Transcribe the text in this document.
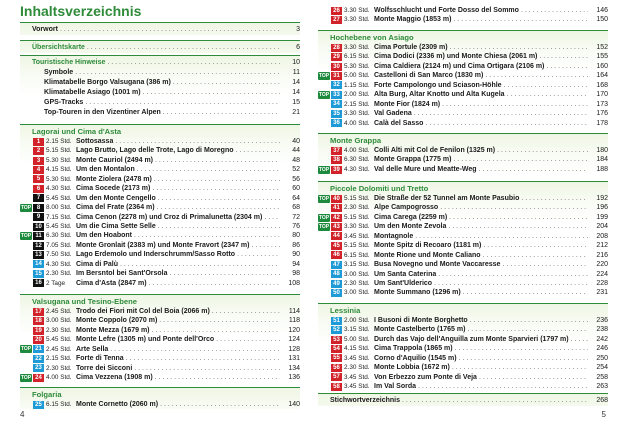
Inhaltsverzeichnis
Vorwort . . .	3
Übersichtskarte . . .	6
Touristische Hinweise . . .	10
Symbole . . .	11
Klimatabelle Borgo Valsugana (386 m) . . .	14
Klimatabelle Asiago (1001 m) . . .	14
GPS-Tracks . . .	15
Top-Touren in den Vizentiner Alpen . . .	21
Lagorai und Cima d'Asta
1 2.15 Std. Sottosassa . . .	40
2 5.15 Std. Lago Brutto, Lago delle Trote, Lago di Moregno . . .	44
3 5.30 Std. Monte Cauriol (2494 m) . . .	48
4 4.15 Std. Um den Montalon . . .	52
5 5.30 Std. Monte Ziolera (2478 m) . . .	56
6 4.30 Std. Cima Socede (2173 m) . . .	60
7 5.45 Std. Um den Monte Cengello . . .	64
TOP 8 8.00 Std. Cima del Frate (2364 m) . . .	68
9 7.15 Std. Cima Cenon (2278 m) und Croz di Primalunetta (2304 m) . . .	72
10 5.45 Std. Um die Cima Sette Selle . . .	76
TOP 11 6.30 Std. Um den Hoabont . . .	80
12 7.05 Std. Monte Gronlait (2383 m) und Monte Fravort (2347 m) . . .	86
13 7.50 Std. Lago Erdemolo und Inderschrumm/Sasso Rotto . . .	90
14 4.30 Std. Cima di Palù . . .	94
15 2.30 Std. Im Bersntol bei Sant'Orsola . . .	98
16 2 Tage	Cima d'Asta (2847 m) . . .	108
Valsugana und Tesino-Ebene
17 2.45 Std. Trodo dei Fiori mit Col del Boia (2066 m) . . .	114
18 3.00 Std. Monte Coppolo (2070 m) . . .	118
19 2.30 Std. Monte Mezza (1679 m) . . .	120
20 5.45 Std. Monte Lefre (1305 m) und Ponte dell'Orco . . .	124
TOP 21 2.45 Std. Arte Sella . . .	128
22 2.15 Std. Forte di Tenna . . .	131
23 2.30 Std. Torre dei Sicconi . . .	134
TOP 24 4.00 Std. Cima Vezzena (1908 m) . . .	136
Folgaria
25 6.15 Std. Monte Cornetto (2060 m) . . .	140
4
26 3.30 Std. Wolfsschlucht und Forte Dosso del Sommo . . .	146
27 3.30 Std. Monte Maggio (1853 m) . . .	150
Hochebene von Asiago
28 3.30 Std. Cima Portule (2309 m) . . .	152
29 6.15 Std. Cima Dodici (2336 m) und Monte Chiesa (2061 m) . . .	155
30 5.30 Std. Cima Caldiera (2124 m) und Cima Ortigara (2106 m) . . .	160
TOP 31 5.00 Std. Castelloni di San Marco (1830 m) . . .	164
32 1.15 Std. Forte Campolongo und Sciason-Höhle . . .	168
TOP 33 2.00 Std. Alta Burg, Altar Knotto und Alta Kugela . . .	170
34 2.15 Std. Monte Fior (1824 m) . . .	173
35 3.30 Std. Val Gadena . . .	176
36 4.00 Std. Calà del Sasso . . .	178
Monte Grappa
37 4.00 Std. Colli Alti mit Col de Fenilon (1325 m) . . .	180
38 6.30 Std. Monte Grappa (1775 m) . . .	184
TOP 39 4.30 Std. Val delle Mure und Meatte-Weg . . .	188
Piccole Dolomiti und Tretto
TOP 40 5.15 Std. Die Straße der 52 Tunnel am Monte Pasubio . . .	192
41 2.30 Std. Alpe Campogrosso . . .	196
TOP 42 5.15 Std. Cima Carega (2259 m) . . .	199
TOP 43 3.30 Std. Um den Monte Zevola . . .	204
44 3.45 Std. Montagnole . . .	208
45 5.15 Std. Monte Spitz di Recoaro (1181 m) . . .	212
46 6.15 Std. Monte Rione und Monte Caliano . . .	216
47 3.15 Std. Busa Novegno und Monte Vaccaresse . . .	220
48 3.00 Std. Um Santa Caterina . . .	224
49 2.30 Std. Um Sant'Ulderico . . .	228
50 3.00 Std. Monte Summano (1296 m) . . .	231
Lessinia
51 2.00 Std. I Busoni di Monte Borghetto . . .	236
52 3.15 Std. Monte Castelberto (1765 m) . . .	238
53 5.00 Std. Durch das Vajo dell'Anguilla zum Monte Sparvieri (1797 m) . . .	242
54 4.15 Std. Cima Trappola (1865 m) . . .	246
55 3.45 Std. Corno d'Aquilio (1545 m) . . .	250
56 2.30 Std. Monte Lobbia (1672 m) . . .	254
57 3.45 Std. Von Erbezzo zum Ponte di Veja . . .	258
58 3.45 Std. Im Val Sorda . . .	263
Stichwortverzeichnis . . .	268
5
